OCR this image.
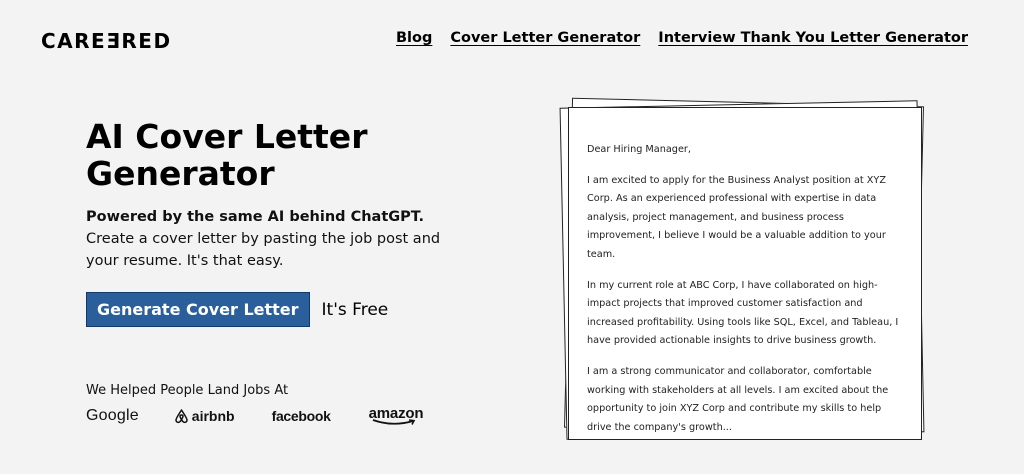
CAREƎRED	Blog Cover Letter Generator Interview Thank You Letter Generator
AI Cover Letter Generator

Powered by the same AI behind ChatGPT. Create a cover letter by pasting the job post and your resume. It's that easy.

Generate Cover Letter	It's Free
We Helped People Land Jobs At
Google	airbnb	facebook	amazon

Dear Hiring Manager,

I am excited to apply for the Business Analyst position at XYZ Corp. As an experienced professional with expertise in data analysis, project management, and business process improvement, I believe I would be a valuable addition to your team.

In my current role at ABC Corp, I have collaborated on high-impact projects that improved customer satisfaction and increased profitability. Using tools like SQL, Excel, and Tableau, I have provided actionable insights to drive business growth.

I am a strong communicator and collaborator, comfortable working with stakeholders at all levels. I am excited about the opportunity to join XYZ Corp and contribute my skills to help drive the company's growth...
